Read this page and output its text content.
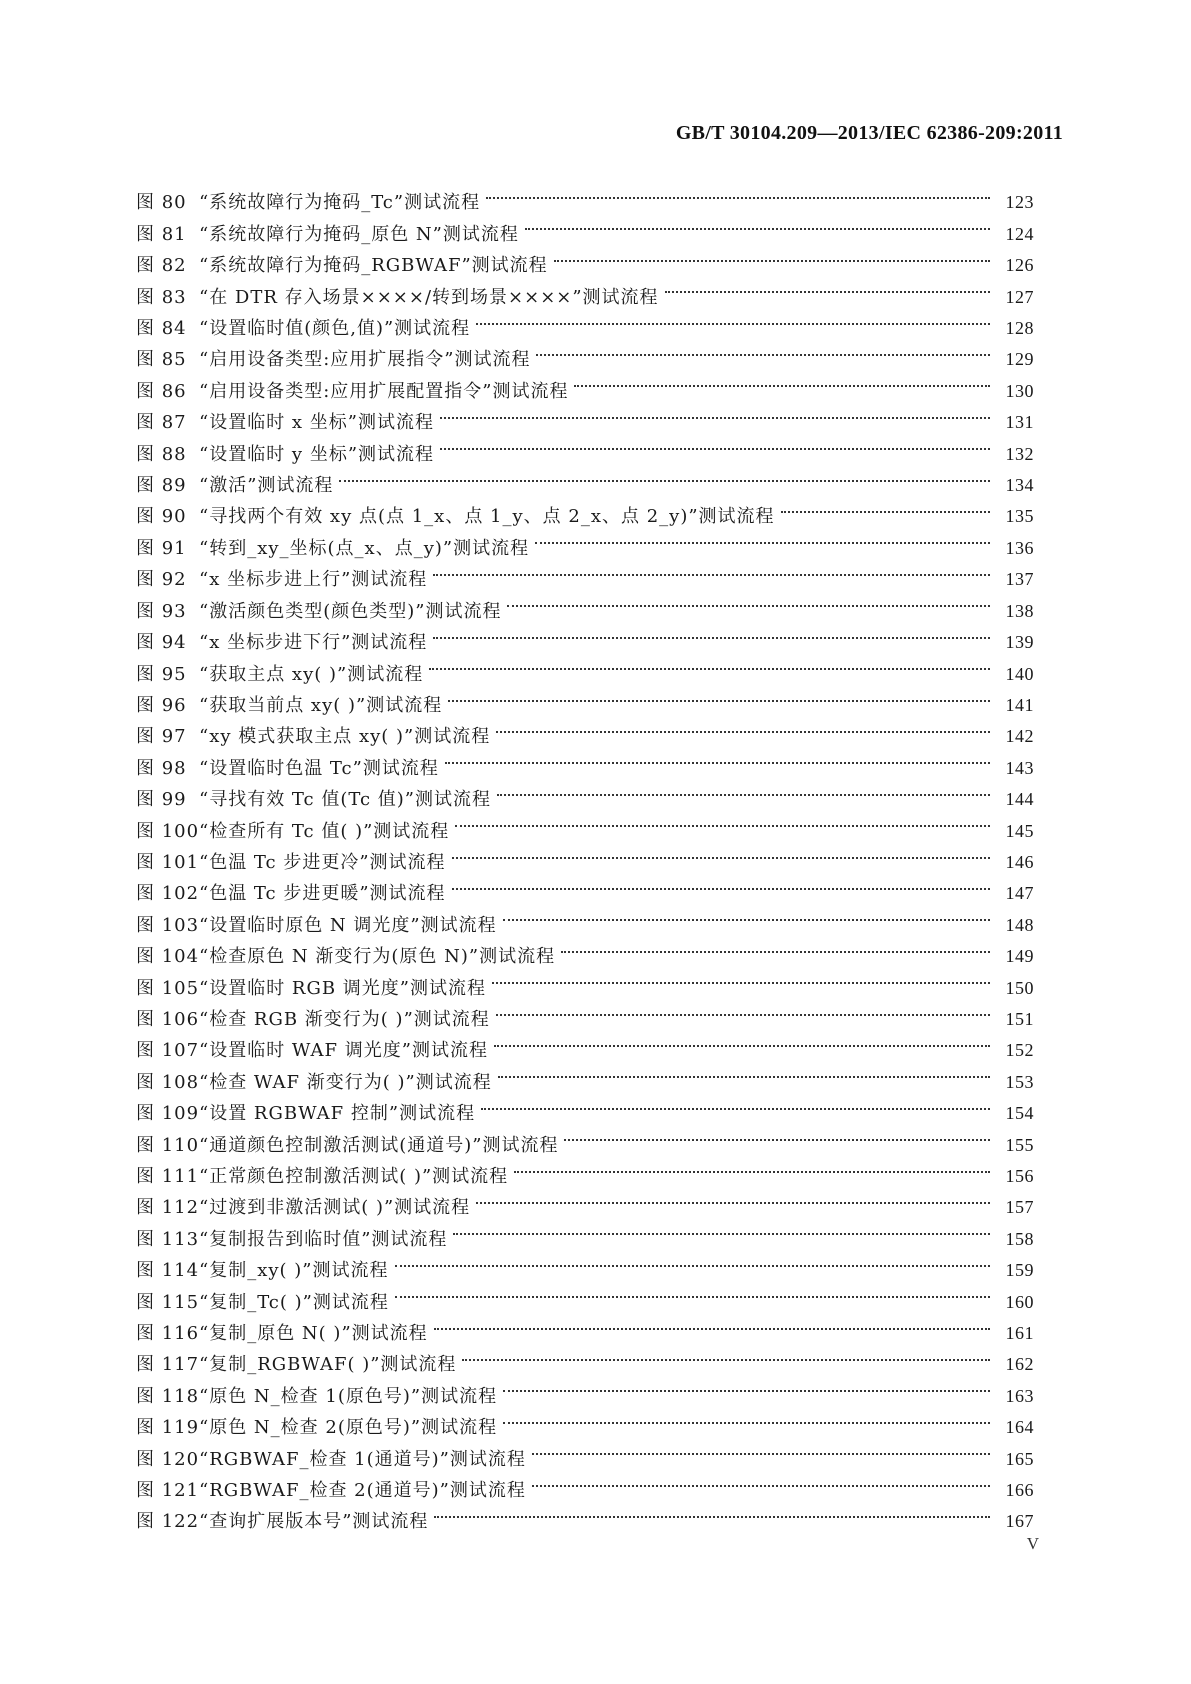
GB/T 30104.209—2013/IEC 62386-209:2011
图 80 “系统故障行为掩码_Tc”测试流程	123
图 81 “系统故障行为掩码_原色 N”测试流程	124
图 82 “系统故障行为掩码_RGBWAF”测试流程	126
图 83 “在 DTR 存入场景××××/转到场景××××”测试流程	127
图 84 “设置临时值(颜色,值)”测试流程	128
图 85 “启用设备类型:应用扩展指令”测试流程	129
图 86 “启用设备类型:应用扩展配置指令”测试流程	130
图 87 “设置临时 x 坐标”测试流程	131
图 88 “设置临时 y 坐标”测试流程	132
图 89 “激活”测试流程	134
图 90 “寻找两个有效 xy 点(点 1_x、点 1_y、点 2_x、点 2_y)”测试流程	135
图 91 “转到_xy_坐标(点_x、点_y)”测试流程	136
图 92 “x 坐标步进上行”测试流程	137
图 93 “激活颜色类型(颜色类型)”测试流程	138
图 94 “x 坐标步进下行”测试流程	139
图 95 “获取主点 xy( )”测试流程	140
图 96 “获取当前点 xy( )”测试流程	141
图 97 “xy 模式获取主点 xy( )”测试流程	142
图 98 “设置临时色温 Tc”测试流程	143
图 99 “寻找有效 Tc 值(Tc 值)”测试流程	144
图 100 “检查所有 Tc 值( )”测试流程	145
图 101 “色温 Tc 步进更冷”测试流程	146
图 102 “色温 Tc 步进更暖”测试流程	147
图 103 “设置临时原色 N 调光度”测试流程	148
图 104 “检查原色 N 渐变行为(原色 N)”测试流程	149
图 105 “设置临时 RGB 调光度”测试流程	150
图 106 “检查 RGB 渐变行为( )”测试流程	151
图 107 “设置临时 WAF 调光度”测试流程	152
图 108 “检查 WAF 渐变行为( )”测试流程	153
图 109 “设置 RGBWAF 控制”测试流程	154
图 110 “通道颜色控制激活测试(通道号)”测试流程	155
图 111 “正常颜色控制激活测试( )”测试流程	156
图 112 “过渡到非激活测试( )”测试流程	157
图 113 “复制报告到临时值”测试流程	158
图 114 “复制_xy( )”测试流程	159
图 115 “复制_Tc( )”测试流程	160
图 116 “复制_原色 N( )”测试流程	161
图 117 “复制_RGBWAF( )”测试流程	162
图 118 “原色 N_检查 1(原色号)”测试流程	163
图 119 “原色 N_检查 2(原色号)”测试流程	164
图 120 “RGBWAF_检查 1(通道号)”测试流程	165
图 121 “RGBWAF_检查 2(通道号)”测试流程	166
图 122 “查询扩展版本号”测试流程	167
V
